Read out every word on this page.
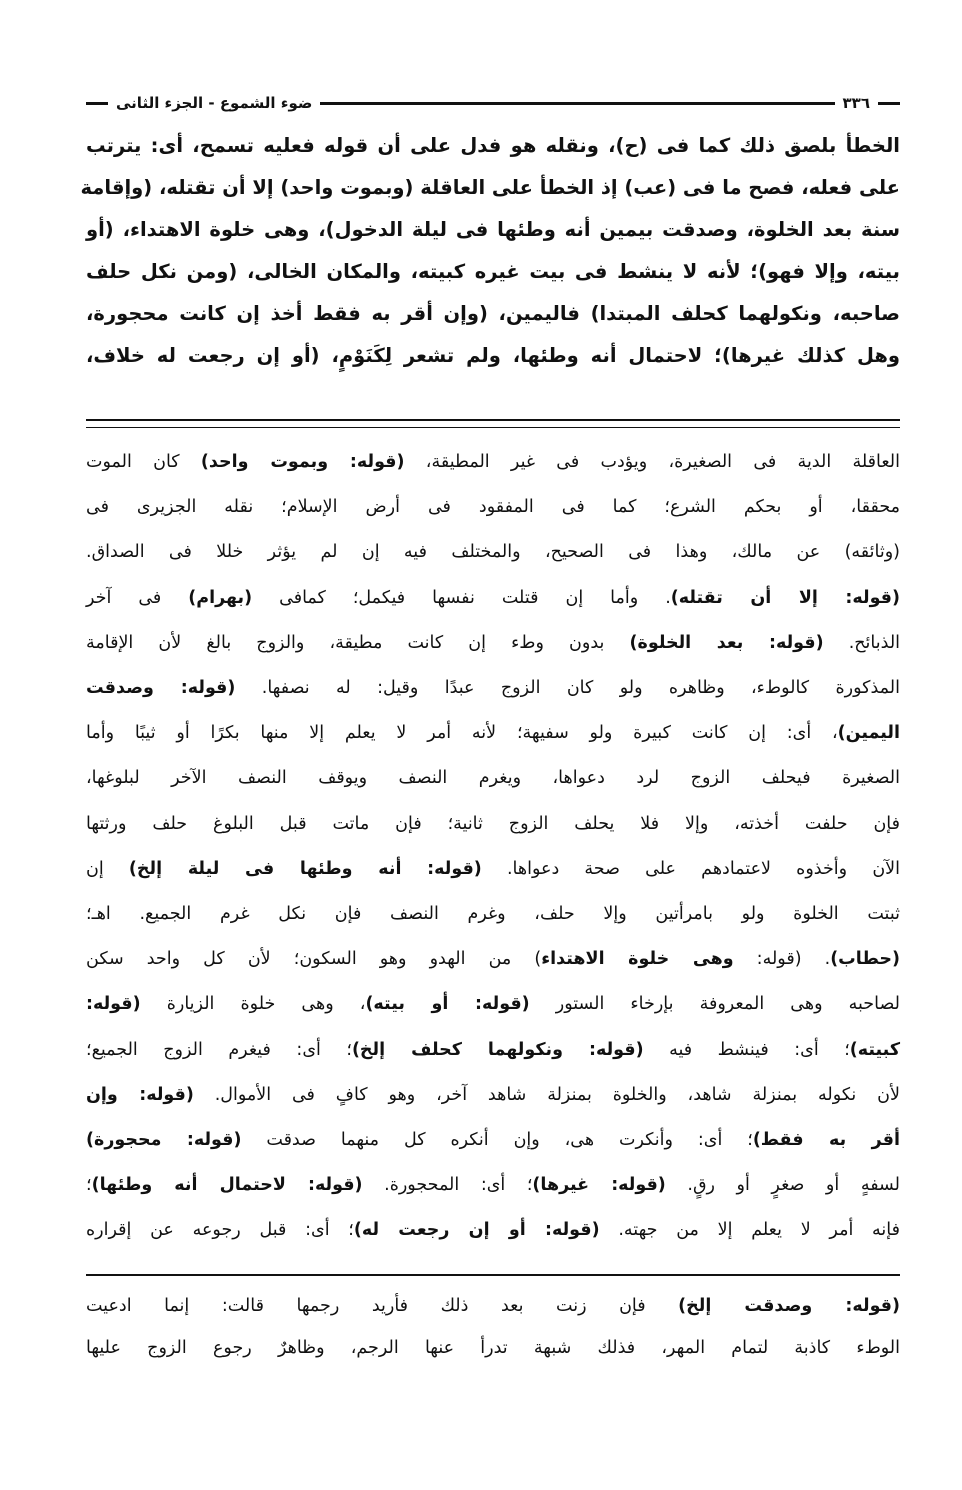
٣٣٦
ضوء الشموع - الجزء الثانى
الخطأ بلصق ذلك كما فى (ح)، ونقله هو فدل على أن قوله فعليه تسمح، أى: يترتب
على فعله، فصح ما فى (عب) إذ الخطأ على العاقلة (وبموت واحد) إلا أن تقتله، (وإقامة
سنة بعد الخلوة، وصدقت بيمين أنه وطئها فى ليلة الدخول)، وهى خلوة الاهتداء، (أو
بيته، وإلا فهو)؛ لأنه لا ينشط فى بيت غيره كبيته، والمكان الخالى، (ومن نكل حلف
صاحبه، ونكولهما كحلف المبتدا) فاليمين، (وإن أقر به فقط أخذ إن كانت محجورة،
وهل كذلك غيرها)؛ لاحتمال أنه وطئها، ولم تشعر لِكَنَوْمٍ، (أو إن رجعت له خلاف،
العاقلة الدية فى الصغيرة، ويؤدب فى غير المطيقة، (قوله: وبموت واحد) كان الموت
محققا، أو بحكم الشرع؛ كما فى المفقود فى أرض الإسلام؛ نقله الجزيرى فى
(وثائقه) عن مالك، وهذا فى الصحيح، والمختلف فيه إن لم يؤثر خللا فى الصداق.
(قوله: إلا أن تقتله). وأما إن قتلت نفسها فيكمل؛ كمافى (بهرام) فى آخر
الذبائح. (قوله: بعد الخلوة) بدون وطء إن كانت مطيقة، والزوج بالغ لأن الإقامة
المذكورة كالوطء، وظاهره ولو كان الزوج عبدًا وقيل: له نصفها. (قوله: وصدقت
اليمين)، أى: إن كانت كبيرة ولو سفيهة؛ لأنه أمر لا يعلم إلا منها بكرًا أو ثيبًا وأما
الصغيرة فيحلف الزوج لرد دعواها، ويغرم النصف ويوقف النصف الآخر لبلوغها،
فإن حلفت أخذته، وإلا فلا يحلف الزوج ثانية؛ فإن ماتت قبل البلوغ حلف ورثتها
الآن وأخذوه لاعتمادهم على صحة دعواها. (قوله: أنه وطئها فى ليلة إلخ) إن
ثبتت الخلوة ولو بامرأتين وإلا حلف، وغرم النصف فإن نكل غرم الجميع. اهـ؛
(حطاب). (قوله: وهى خلوة الاهتداء) من الهدو وهو السكون؛ لأن كل واحد سكن
لصاحبه وهى المعروفة بإرخاء الستور (قوله: أو بيته)، وهى خلوة الزيارة (قوله:
كبيته)؛ أى: فينشط فيه (قوله: ونكولهما كحلف إلخ)؛ أى: فيغرم الزوج الجميع؛
لأن نكوله بمنزلة شاهد، والخلوة بمنزلة شاهد آخر، وهو كافٍ فى الأموال. (قوله: وإن
أقر به فقط)؛ أى: وأنكرت هى، وإن أنكره كل منهما صدقت (قوله: محجورة)
لسفهٍ أو صغرٍ أو رقٍ. (قوله: غيرها)؛ أى: المحجورة. (قوله: لاحتمال أنه وطئها)؛
فإنه أمر لا يعلم إلا من جهته. (قوله: أو إن رجعت له)؛ أى: قبل رجوعه عن إقراره
(قوله: وصدقت إلخ) فإن زنت بعد ذلك فأريد رجمها قالت: إنما ادعيت
الوطء كاذبة لتمام المهر، فذلك شبهة تدرأ عنها الرجم، وظاهرٌ رجوع الزوج عليها
